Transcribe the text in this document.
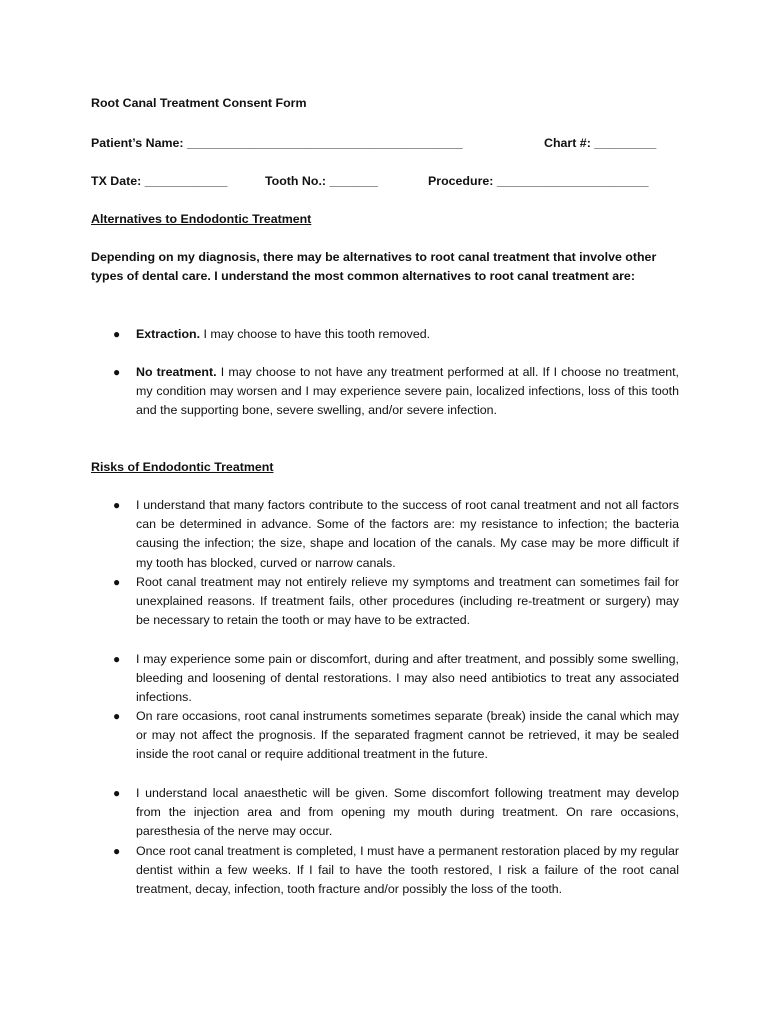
Root Canal Treatment Consent Form
Patient’s Name: ________________________________________	Chart #: _________
TX Date: ____________	Tooth No.: _______	Procedure: ______________________
Alternatives to Endodontic Treatment
Depending on my diagnosis, there may be alternatives to root canal treatment that involve other types of dental care. I understand the most common alternatives to root canal treatment are:
● Extraction. I may choose to have this tooth removed.
● No treatment. I may choose to not have any treatment performed at all. If I choose no treatment, my condition may worsen and I may experience severe pain, localized infections, loss of this tooth and the supporting bone, severe swelling, and/or severe infection.
Risks of Endodontic Treatment
● I understand that many factors contribute to the success of root canal treatment and not all factors can be determined in advance. Some of the factors are: my resistance to infection; the bacteria causing the infection; the size, shape and location of the canals. My case may be more difficult if my tooth has blocked, curved or narrow canals.
● Root canal treatment may not entirely relieve my symptoms and treatment can sometimes fail for unexplained reasons. If treatment fails, other procedures (including re-treatment or surgery) may be necessary to retain the tooth or may have to be extracted.
● I may experience some pain or discomfort, during and after treatment, and possibly some swelling, bleeding and loosening of dental restorations. I may also need antibiotics to treat any associated infections.
● On rare occasions, root canal instruments sometimes separate (break) inside the canal which may or may not affect the prognosis. If the separated fragment cannot be retrieved, it may be sealed inside the root canal or require additional treatment in the future.
● I understand local anaesthetic will be given. Some discomfort following treatment may develop from the injection area and from opening my mouth during treatment. On rare occasions, paresthesia of the nerve may occur.
● Once root canal treatment is completed, I must have a permanent restoration placed by my regular dentist within a few weeks. If I fail to have the tooth restored, I risk a failure of the root canal treatment, decay, infection, tooth fracture and/or possibly the loss of the tooth.
